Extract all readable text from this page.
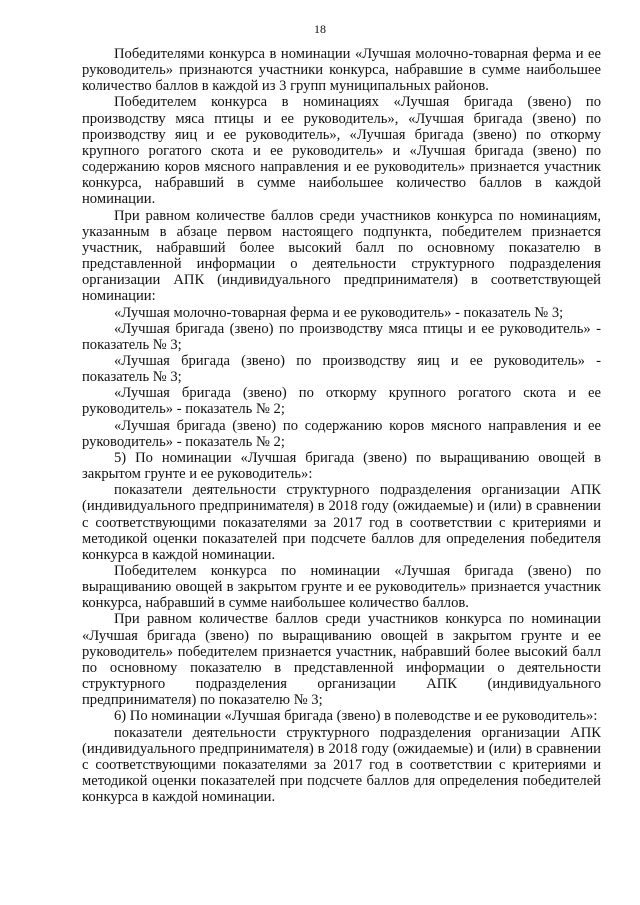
18

Победителями конкурса в номинации «Лучшая молочно-товарная ферма и ее руководитель» признаются участники конкурса, набравшие в сумме наибольшее количество баллов в каждой из 3 групп муниципальных районов.

Победителем конкурса в номинациях «Лучшая бригада (звено) по производству мяса птицы и ее руководитель», «Лучшая бригада (звено) по производству яиц и ее руководитель», «Лучшая бригада (звено) по откорму крупного рогатого скота и ее руководитель» и «Лучшая бригада (звено) по содержанию коров мясного направления и ее руководитель» признается участник конкурса, набравший в сумме наибольшее количество баллов в каждой номинации.

При равном количестве баллов среди участников конкурса по номинациям, указанным в абзаце первом настоящего подпункта, победителем признается участник, набравший более высокий балл по основному показателю в представленной информации о деятельности структурного подразделения организации АПК (индивидуального предпринимателя) в соответствующей номинации:

«Лучшая молочно-товарная ферма и ее руководитель» - показатель № 3;

«Лучшая бригада (звено) по производству мяса птицы и ее руководитель» - показатель № 3;

«Лучшая бригада (звено) по производству яиц и ее руководитель» - показатель № 3;

«Лучшая бригада (звено) по откорму крупного рогатого скота и ее руководитель» - показатель № 2;

«Лучшая бригада (звено) по содержанию коров мясного направления и ее руководитель» - показатель № 2;

5) По номинации «Лучшая бригада (звено) по выращиванию овощей в закрытом грунте и ее руководитель»:

показатели деятельности структурного подразделения организации АПК (индивидуального предпринимателя) в 2018 году (ожидаемые) и (или) в сравнении с соответствующими показателями за 2017 год в соответствии с критериями и методикой оценки показателей при подсчете баллов для определения победителя конкурса в каждой номинации.

Победителем конкурса по номинации «Лучшая бригада (звено) по выращиванию овощей в закрытом грунте и ее руководитель» признается участник конкурса, набравший в сумме наибольшее количество баллов.

При равном количестве баллов среди участников конкурса по номинации «Лучшая бригада (звено) по выращиванию овощей в закрытом грунте и ее руководитель» победителем признается участник, набравший более высокий балл по основному показателю в представленной информации о деятельности структурного подразделения организации АПК (индивидуального предпринимателя) по показателю № 3;

6) По номинации «Лучшая бригада (звено) в полеводстве и ее руководитель»:

показатели деятельности структурного подразделения организации АПК (индивидуального предпринимателя) в 2018 году (ожидаемые) и (или) в сравнении с соответствующими показателями за 2017 год в соответствии с критериями и методикой оценки показателей при подсчете баллов для определения победителей конкурса в каждой номинации.
